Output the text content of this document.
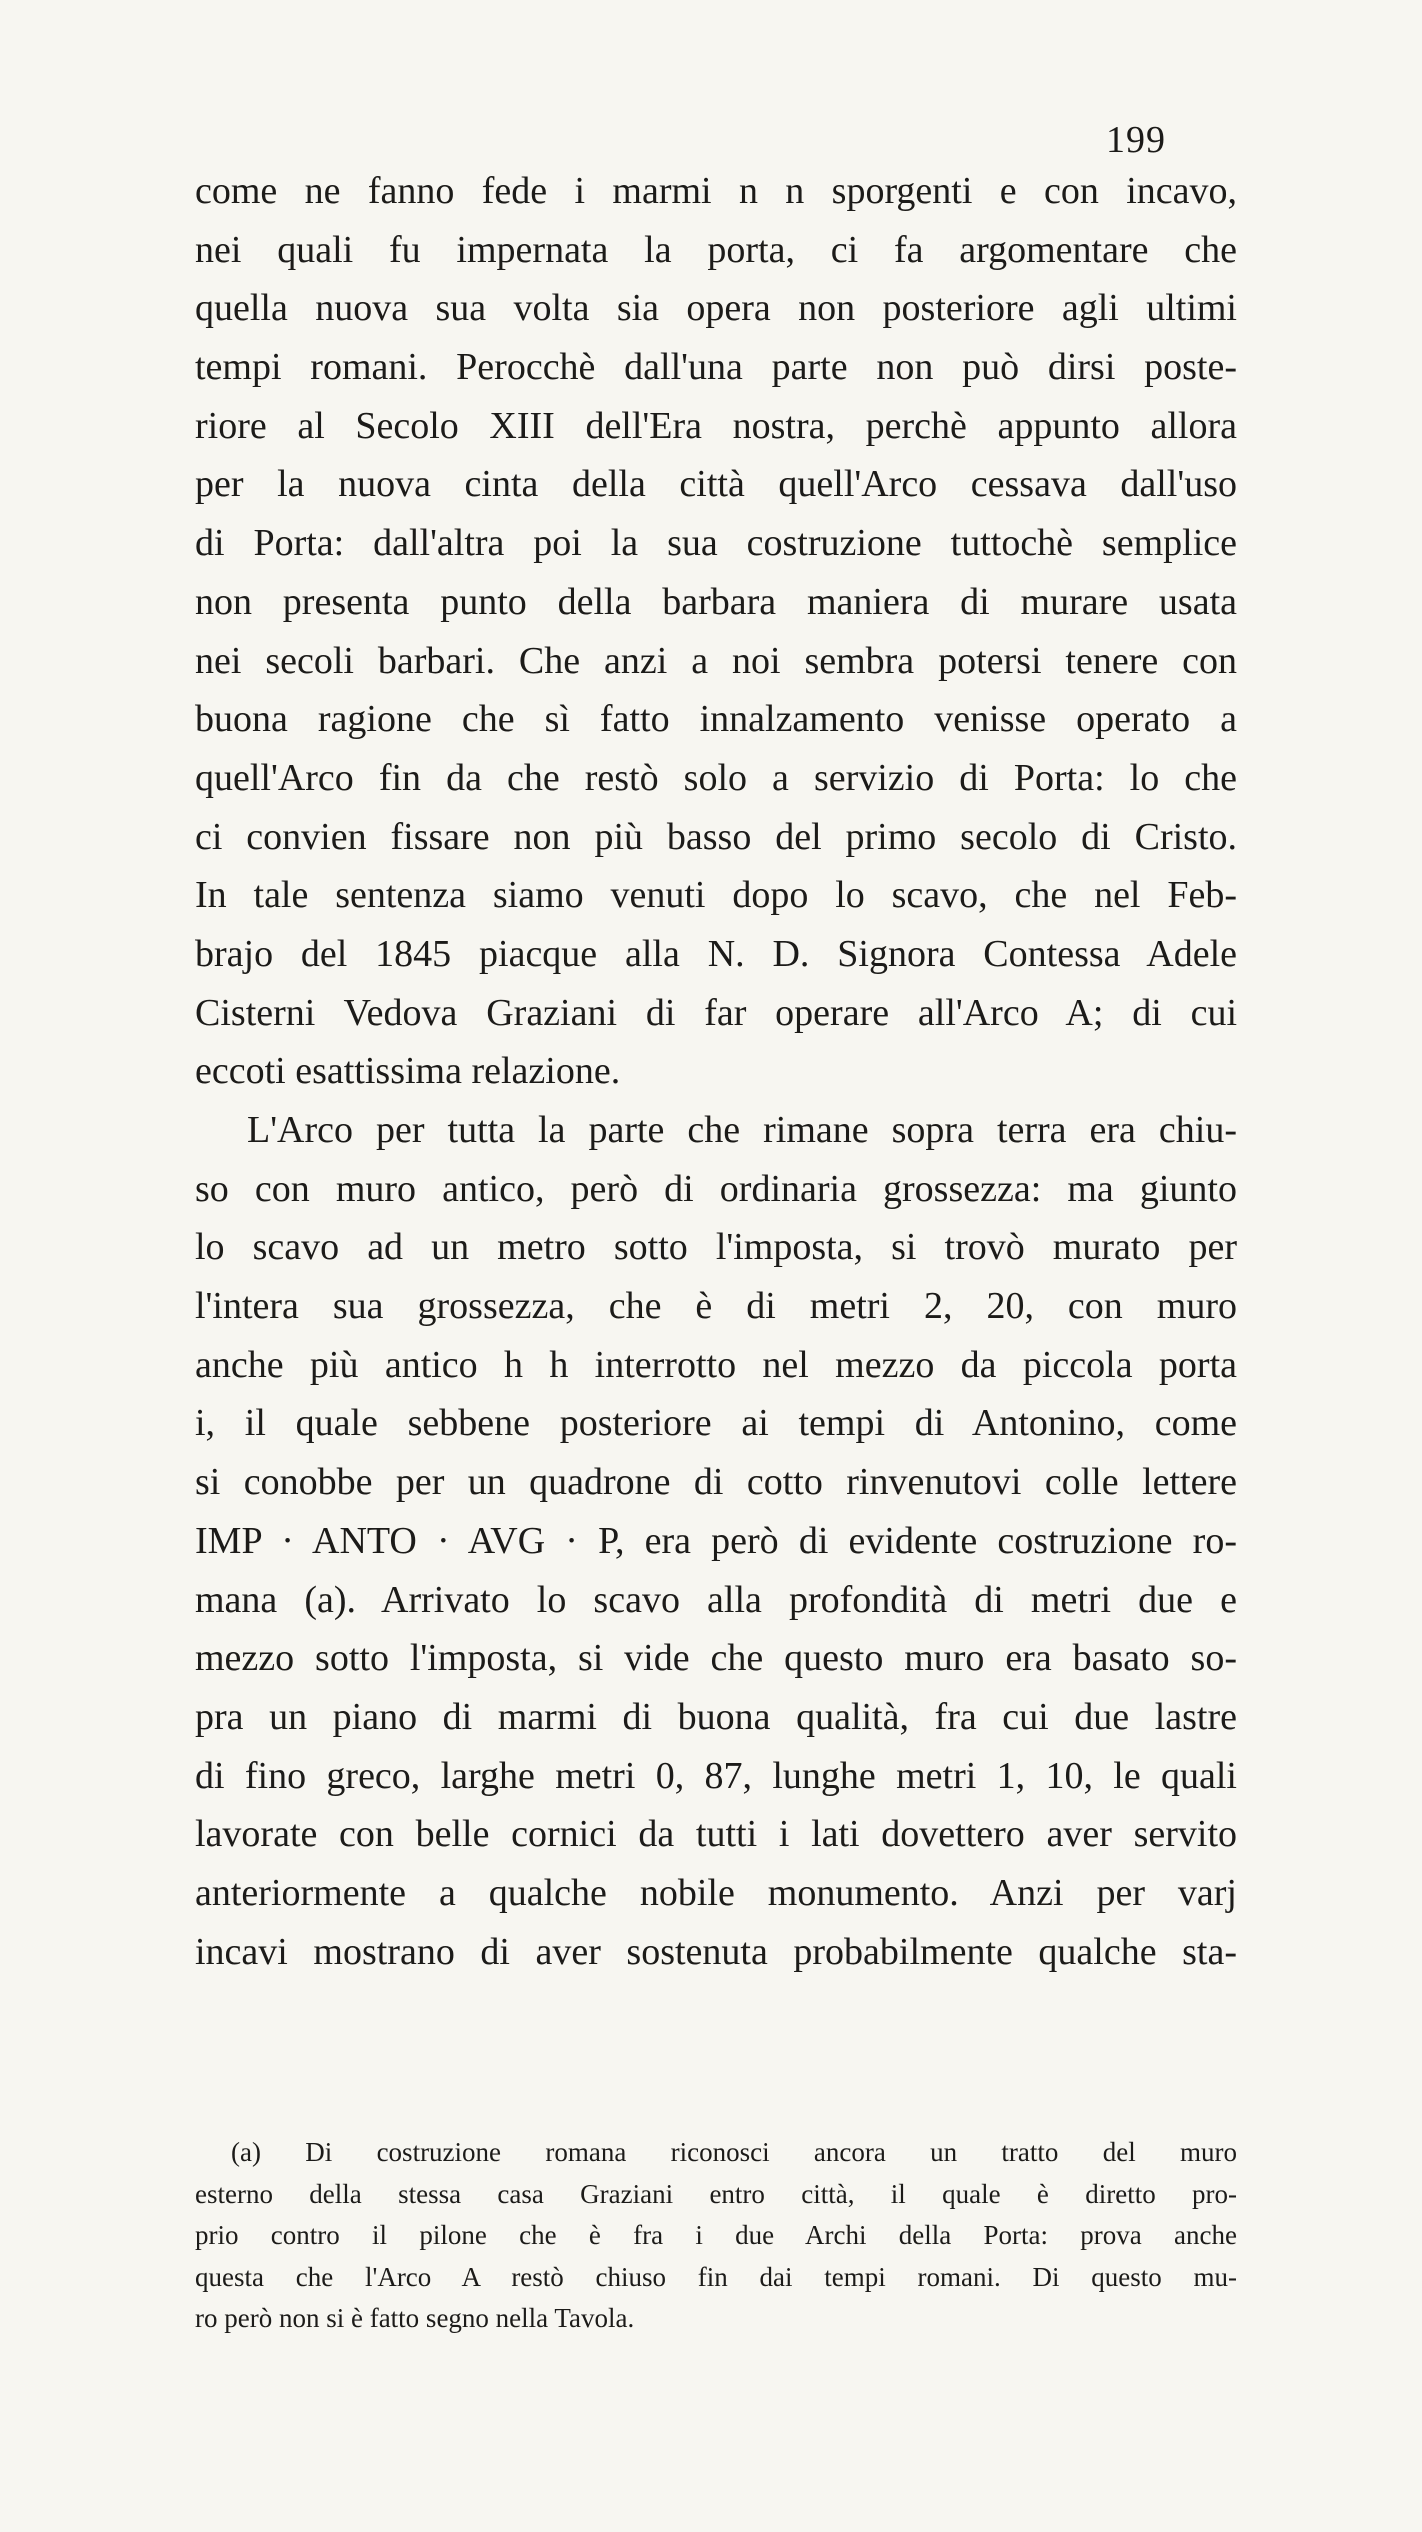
199
come ne fanno fede i marmi n n sporgenti e con incavo,
nei quali fu impernata la porta, ci fa argomentare che
quella nuova sua volta sia opera non posteriore agli ultimi
tempi romani. Perocchè dall'una parte non può dirsi poste-
riore al Secolo XIII dell'Era nostra, perchè appunto allora
per la nuova cinta della città quell'Arco cessava dall'uso
di Porta: dall'altra poi la sua costruzione tuttochè semplice
non presenta punto della barbara maniera di murare usata
nei secoli barbari. Che anzi a noi sembra potersi tenere con
buona ragione che sì fatto innalzamento venisse operato a
quell'Arco fin da che restò solo a servizio di Porta: lo che
ci convien fissare non più basso del primo secolo di Cristo.
In tale sentenza siamo venuti dopo lo scavo, che nel Feb-
brajo del 1845 piacque alla N. D. Signora Contessa Adele
Cisterni Vedova Graziani di far operare all'Arco A; di cui
eccoti esattissima relazione.
L'Arco per tutta la parte che rimane sopra terra era chiu-
so con muro antico, però di ordinaria grossezza: ma giunto
lo scavo ad un metro sotto l'imposta, si trovò murato per
l'intera sua grossezza, che è di metri 2, 20, con muro
anche più antico h h interrotto nel mezzo da piccola porta
i, il quale sebbene posteriore ai tempi di Antonino, come
si conobbe per un quadrone di cotto rinvenutovi colle lettere
IMP · ANTO · AVG · P, era però di evidente costruzione ro-
mana (a). Arrivato lo scavo alla profondità di metri due e
mezzo sotto l'imposta, si vide che questo muro era basato so-
pra un piano di marmi di buona qualità, fra cui due lastre
di fino greco, larghe metri 0, 87, lunghe metri 1, 10, le quali
lavorate con belle cornici da tutti i lati dovettero aver servito
anteriormente a qualche nobile monumento. Anzi per varj
incavi mostrano di aver sostenuta probabilmente qualche sta-
(a) Di costruzione romana riconosci ancora un tratto del muro
esterno della stessa casa Graziani entro città, il quale è diretto pro-
prio contro il pilone che è fra i due Archi della Porta: prova anche
questa che l'Arco A restò chiuso fin dai tempi romani. Di questo mu-
ro però non si è fatto segno nella Tavola.
